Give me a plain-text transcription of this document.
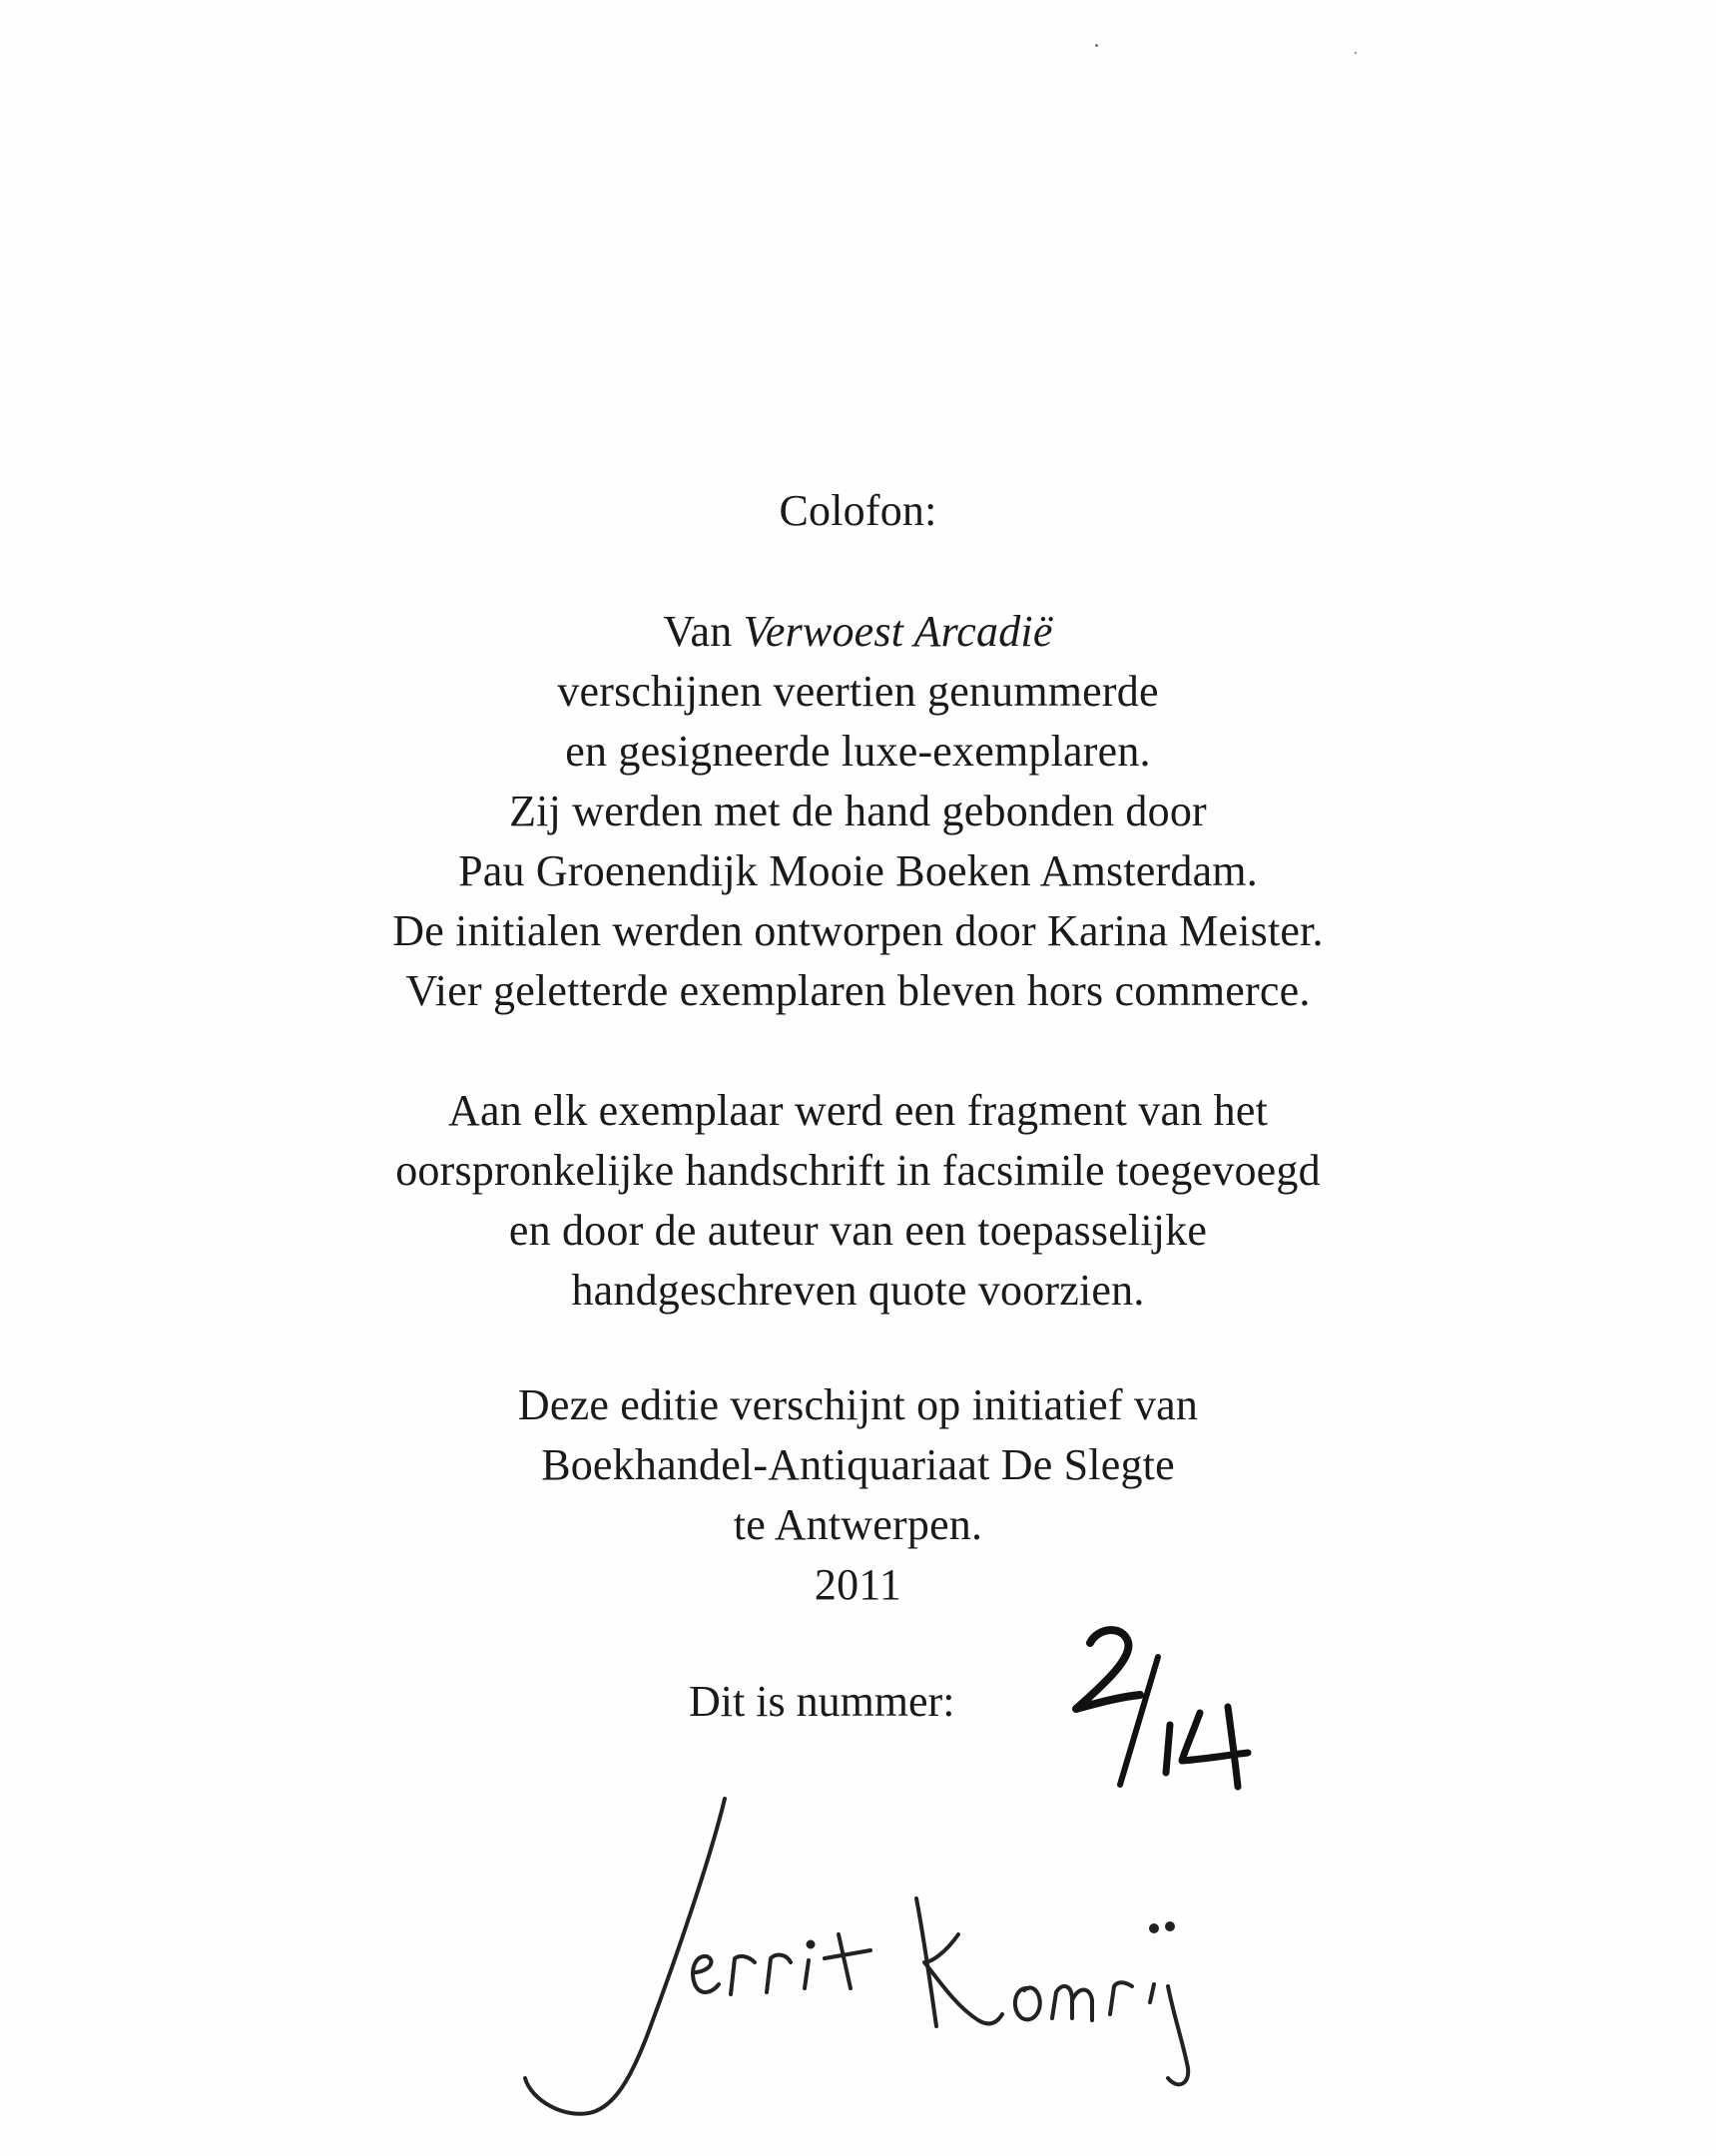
Colofon:
Van Verwoest Arcadië
verschijnen veertien genummerde
en gesigneerde luxe-exemplaren.
Zij werden met de hand gebonden door
Pau Groenendijk Mooie Boeken Amsterdam.
De initialen werden ontworpen door Karina Meister.
Vier geletterde exemplaren bleven hors commerce.
Aan elk exemplaar werd een fragment van het
oorspronkelijke handschrift in facsimile toegevoegd
en door de auteur van een toepasselijke
handgeschreven quote voorzien.
Deze editie verschijnt op initiatief van
Boekhandel-Antiquariaat De Slegte
te Antwerpen.
2011
Dit is nummer:
